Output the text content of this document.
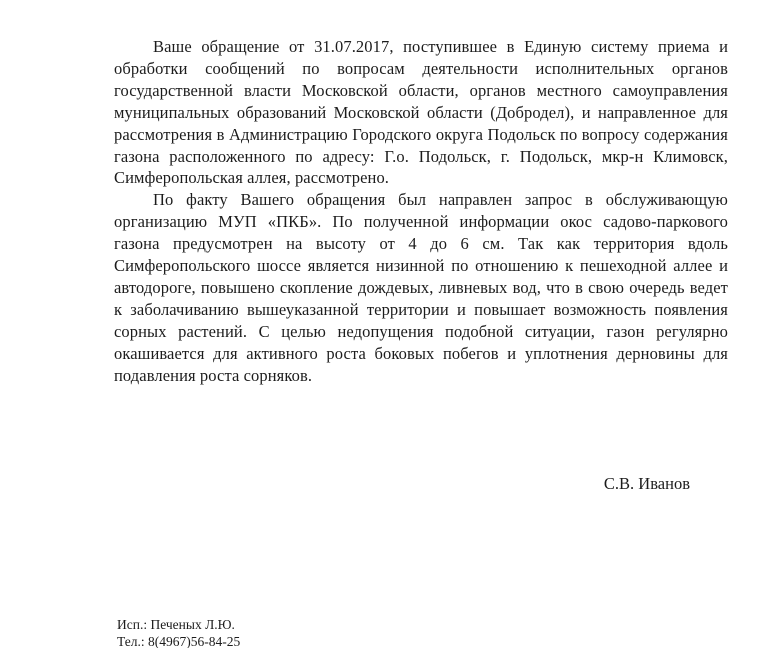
Ваше обращение от 31.07.2017, поступившее в Единую систему приема и обработки сообщений по вопросам деятельности исполнительных органов государственной власти Московской области, органов местного самоуправления муниципальных образований Московской области (Добродел), и направленное для рассмотрения в Администрацию Городского округа Подольск по вопросу содержания газона расположенного по адресу: Г.о. Подольск, г. Подольск, мкр-н Климовск, Симферопольская аллея, рассмотрено.

По факту Вашего обращения был направлен запрос в обслуживающую организацию МУП «ПКБ». По полученной информации окос садово-паркового газона предусмотрен на высоту от 4 до 6 см. Так как территория вдоль Симферопольского шоссе является низинной по отношению к пешеходной аллее и автодороге, повышено скопление дождевых, ливневых вод, что в свою очередь ведет к заболачиванию вышеуказанной территории и повышает возможность появления сорных растений. С целью недопущения подобной ситуации, газон регулярно окашивается для активного роста боковых побегов и уплотнения дерновины для подавления роста сорняков.

С.В. Иванов
Исп.: Печеных Л.Ю.
Тел.: 8(4967)56-84-25
